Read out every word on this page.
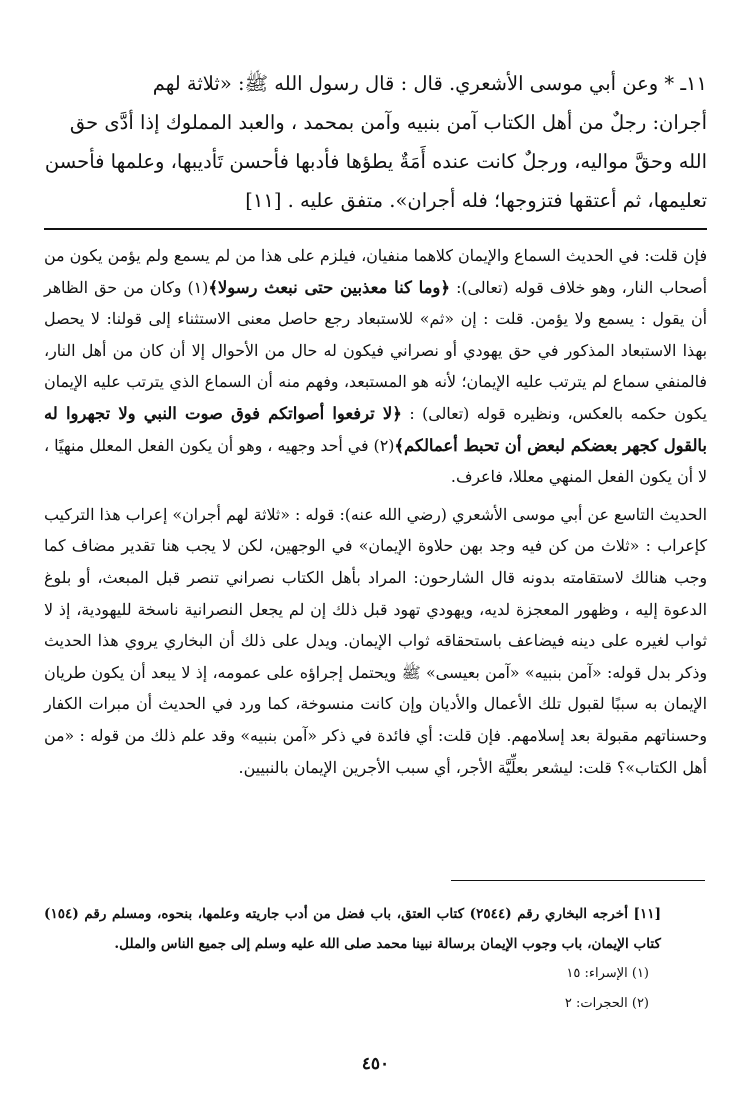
١١ـ * وعن أبي موسى الأشعري. قال : قال رسول الله ﷺ: «ثلاثة لهم

أجران: رجلٌ من أهل الكتاب آمن بنبيه وآمن بمحمد ، والعبد المملوك إذا أدَّى حق

الله وحقَّ مواليه، ورجلٌ كانت عنده أَمَةٌ يطؤها فأدبها فأحسن تَأديبها، وعلمها فأحسن

تعليمها، ثم أعتقها فتزوجها؛ فله أجران». متفق عليه . [١١]

فإن قلت: في الحديث السماع والإيمان كلاهما منفيان، فيلزم على هذا من لم يسمع ولم يؤمن يكون من أصحاب النار، وهو خلاف قوله (تعالى): ﴿وما كنا معذبين حتى نبعث رسولا﴾(١) وكان من حق الظاهر أن يقول : يسمع ولا يؤمن. قلت : إن «ثم» للاستبعاد رجع حاصل معنى الاستثناء إلى قولنا: لا يحصل بهذا الاستبعاد المذكور في حق يهودي أو نصراني فيكون له حال من الأحوال إلا أن كان من أهل النار، فالمنفي سماع لم يترتب عليه الإيمان؛ لأنه هو المستبعد، وفهم منه أن السماع الذي يترتب عليه الإيمان يكون حكمه بالعكس، ونظيره قوله (تعالى) : ﴿لا ترفعوا أصواتكم فوق صوت النبي ولا تجهروا له بالقول كجهر بعضكم لبعض أن تحبط أعمالكم﴾(٢) في أحد وجهيه ، وهو أن يكون الفعل المعلل منهيًا ، لا أن يكون الفعل المنهي معللا، فاعرف.

الحديث التاسع عن أبي موسى الأشعري (رضي الله عنه): قوله : «ثلاثة لهم أجران» إعراب هذا التركيب كإعراب : «ثلاث من كن فيه وجد بهن حلاوة الإيمان» في الوجهين، لكن لا يجب هنا تقدير مضاف كما وجب هنالك لاستقامته بدونه قال الشارحون: المراد بأهل الكتاب نصراني تنصر قبل المبعث، أو بلوغ الدعوة إليه ، وظهور المعجزة لديه، ويهودي تهود قبل ذلك إن لم يجعل النصرانية ناسخة لليهودية، إذ لا ثواب لغيره على دينه فيضاعف باستحقاقه ثواب الإيمان. ويدل على ذلك أن البخاري يروي هذا الحديث وذكر بدل قوله: «آمن بنبيه» «آمن بعيسى» ﷺ ويحتمل إجراؤه على عمومه، إذ لا يبعد أن يكون طريان الإيمان به سببًا لقبول تلك الأعمال والأديان وإن كانت منسوخة، كما ورد في الحديث أن مبرات الكفار وحسناتهم مقبولة بعد إسلامهم. فإن قلت: أي فائدة في ذكر «آمن بنبيه» وقد علم ذلك من قوله : «من أهل الكتاب»؟ قلت: ليشعر بعلِّيَّة الأجر، أي سبب الأجرين الإيمان بالنبيين.

[١١] أخرجه البخاري رقم (٢٥٤٤) كتاب العتق، باب فضل من أدب جاريته وعلمها، بنحوه، ومسلم رقم (١٥٤) كتاب الإيمان، باب وجوب الإيمان برسالة نبينا محمد صلى الله عليه وسلم إلى جميع الناس والملل.

(١) الإسراء: ١٥

(٢) الحجرات: ٢

٤٥٠
